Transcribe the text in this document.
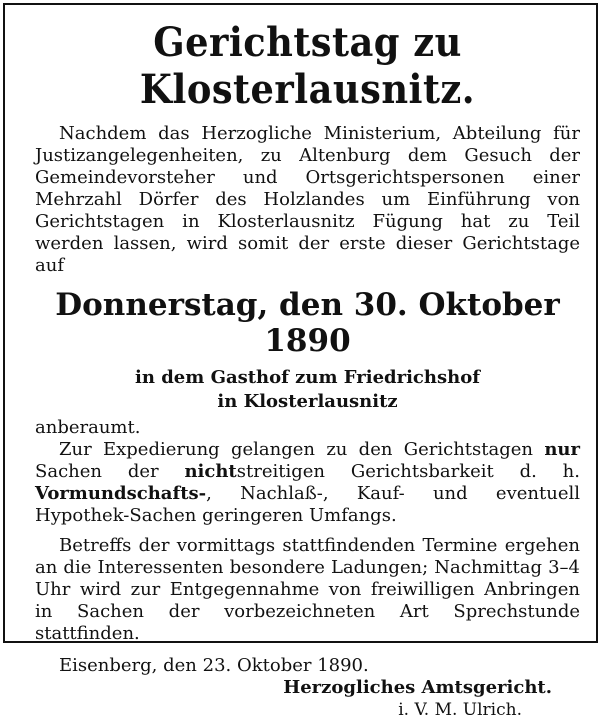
Gerichtstag zu Klosterlausnitz.

Nachdem das Herzogliche Ministerium, Abteilung für Justizangelegenheiten, zu Altenburg dem Gesuch der Gemeindevorsteher und Ortsgerichtspersonen einer Mehrzahl Dörfer des Holzlandes um Einführung von Gerichtstagen in Klosterlausnitz Fügung hat zu Teil werden lassen, wird somit der erste dieser Gerichtstage auf

Donnerstag, den 30. Oktober 1890
in dem Gasthof zum Friedrichshof
in Klosterlausnitz

anberaumt.

Zur Expedierung gelangen zu den Gerichtstagen nur Sachen der nichtstreitigen Gerichtsbarkeit d. h. Vormundschafts-, Nachlaß-, Kauf- und eventuell Hypothek-Sachen geringeren Umfangs.

Betreffs der vormittags stattfindenden Termine ergehen an die Interessenten besondere Ladungen; Nachmittag 3–4 Uhr wird zur Entgegennahme von freiwilligen Anbringen in Sachen der vorbezeichneten Art Sprechstunde stattfinden.

Eisenberg, den 23. Oktober 1890.
Herzogliches Amtsgericht.
i. V. M. Ulrich.
